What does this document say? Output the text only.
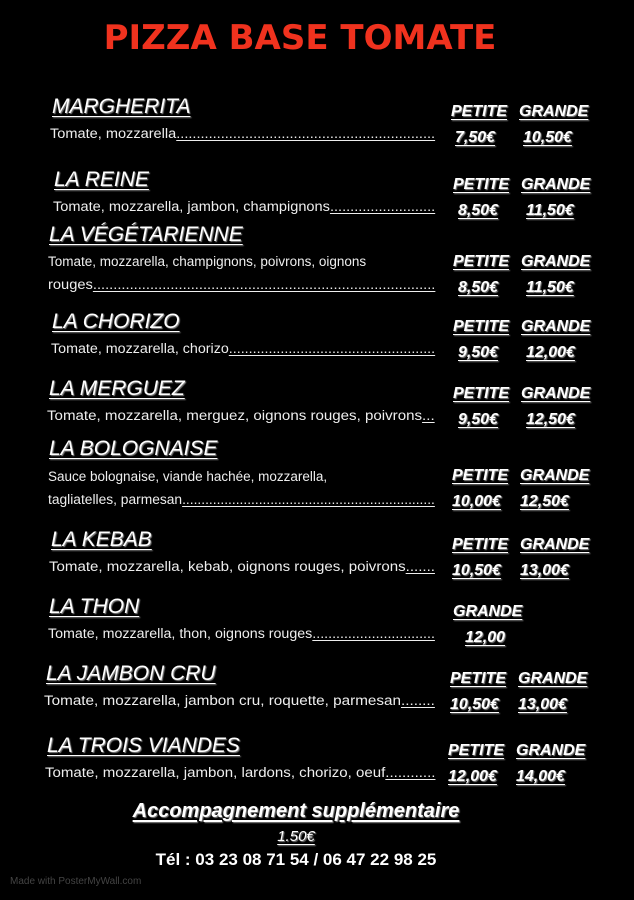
PIZZA BASE TOMATE
MARGHERITA
Tomate, mozzarella................................................................
PETITE GRANDE
7,50€ 10,50€
LA REINE
Tomate, mozzarella, jambon, champignons..........................
PETITE GRANDE
8,50€ 11,50€
LA VÉGÉTARIENNE
Tomate, mozzarella, champignons, poivrons, oignons
rouges....................................................................................
PETITE GRANDE
8,50€ 11,50€
LA CHORIZO
Tomate, mozzarella, chorizo....................................................
PETITE GRANDE
9,50€ 12,00€
LA MERGUEZ
Tomate, mozzarella, merguez, oignons rouges, poivrons...
PETITE GRANDE
9,50€ 12,50€
LA BOLOGNAISE
Sauce bolognaise, viande hachée, mozzarella,
tagliatelles, parmesan..................................................................
PETITE GRANDE
10,00€ 12,50€
LA KEBAB
Tomate, mozzarella, kebab, oignons rouges, poivrons.......
PETITE GRANDE
10,50€ 13,00€
LA THON
Tomate, mozzarella, thon, oignons rouges...............................
GRANDE
12,00
LA JAMBON CRU
Tomate, mozzarella, jambon cru, roquette, parmesan........
PETITE GRANDE
10,50€ 13,00€
LA TROIS VIANDES
Tomate, mozzarella, jambon, lardons, chorizo, oeuf............
PETITE GRANDE
12,00€ 14,00€
Accompagnement supplémentaire
1.50€
Tél : 03 23 08 71 54 / 06 47 22 98 25
Made with PosterMyWall.com
